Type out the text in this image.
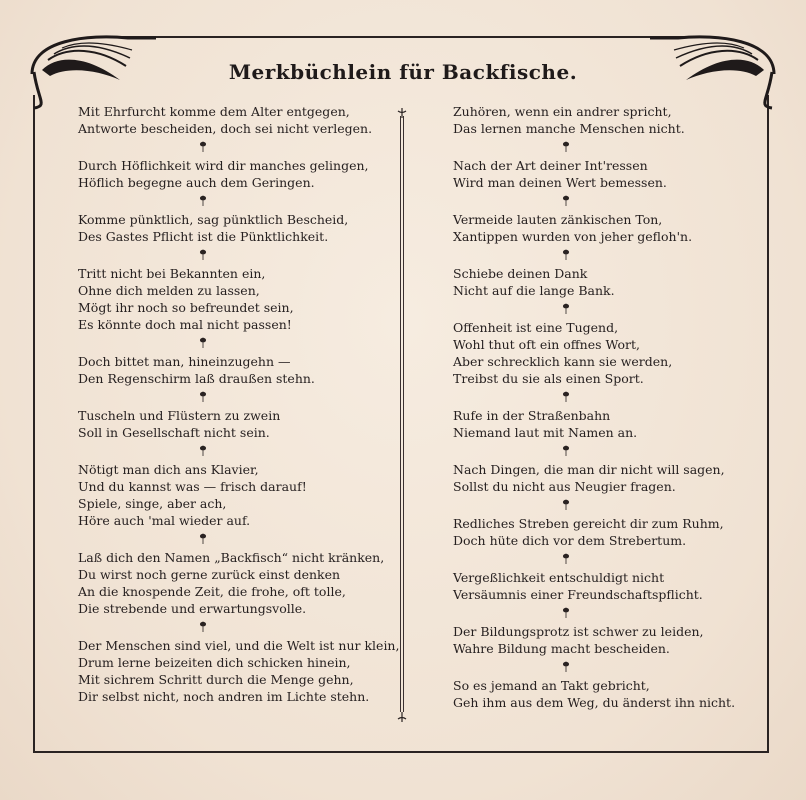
Merkbüchlein für Backfische.
Mit Ehrfurcht komme dem Alter entgegen,
Antworte bescheiden, doch sei nicht verlegen.
Durch Höflichkeit wird dir manches gelingen,
Höflich begegne auch dem Geringen.
Komme pünktlich, sag pünktlich Bescheid,
Des Gastes Pflicht ist die Pünktlichkeit.
Tritt nicht bei Bekannten ein,
Ohne dich melden zu lassen,
Mögt ihr noch so befreundet sein,
Es könnte doch mal nicht passen!
Doch bittet man, hineinzugehn —
Den Regenschirm laß draußen stehn.
Tuscheln und Flüstern zu zwein
Soll in Gesellschaft nicht sein.
Nötigt man dich ans Klavier,
Und du kannst was — frisch darauf!
Spiele, singe, aber ach,
Höre auch 'mal wieder auf.
Laß dich den Namen „Backfisch“ nicht kränken,
Du wirst noch gerne zurück einst denken
An die knospende Zeit, die frohe, oft tolle,
Die strebende und erwartungsvolle.
Der Menschen sind viel, und die Welt ist nur klein,
Drum lerne beizeiten dich schicken hinein,
Mit sichrem Schritt durch die Menge gehn,
Dir selbst nicht, noch andren im Lichte stehn.
Zuhören, wenn ein andrer spricht,
Das lernen manche Menschen nicht.
Nach der Art deiner Int'ressen
Wird man deinen Wert bemessen.
Vermeide lauten zänkischen Ton,
Xantippen wurden von jeher gefloh'n.
Schiebe deinen Dank
Nicht auf die lange Bank.
Offenheit ist eine Tugend,
Wohl thut oft ein offnes Wort,
Aber schrecklich kann sie werden,
Treibst du sie als einen Sport.
Rufe in der Straßenbahn
Niemand laut mit Namen an.
Nach Dingen, die man dir nicht will sagen,
Sollst du nicht aus Neugier fragen.
Redliches Streben gereicht dir zum Ruhm,
Doch hüte dich vor dem Strebertum.
Vergeßlichkeit entschuldigt nicht
Versäumnis einer Freundschaftspflicht.
Der Bildungsprotz ist schwer zu leiden,
Wahre Bildung macht bescheiden.
So es jemand an Takt gebricht,
Geh ihm aus dem Weg, du änderst ihn nicht.
